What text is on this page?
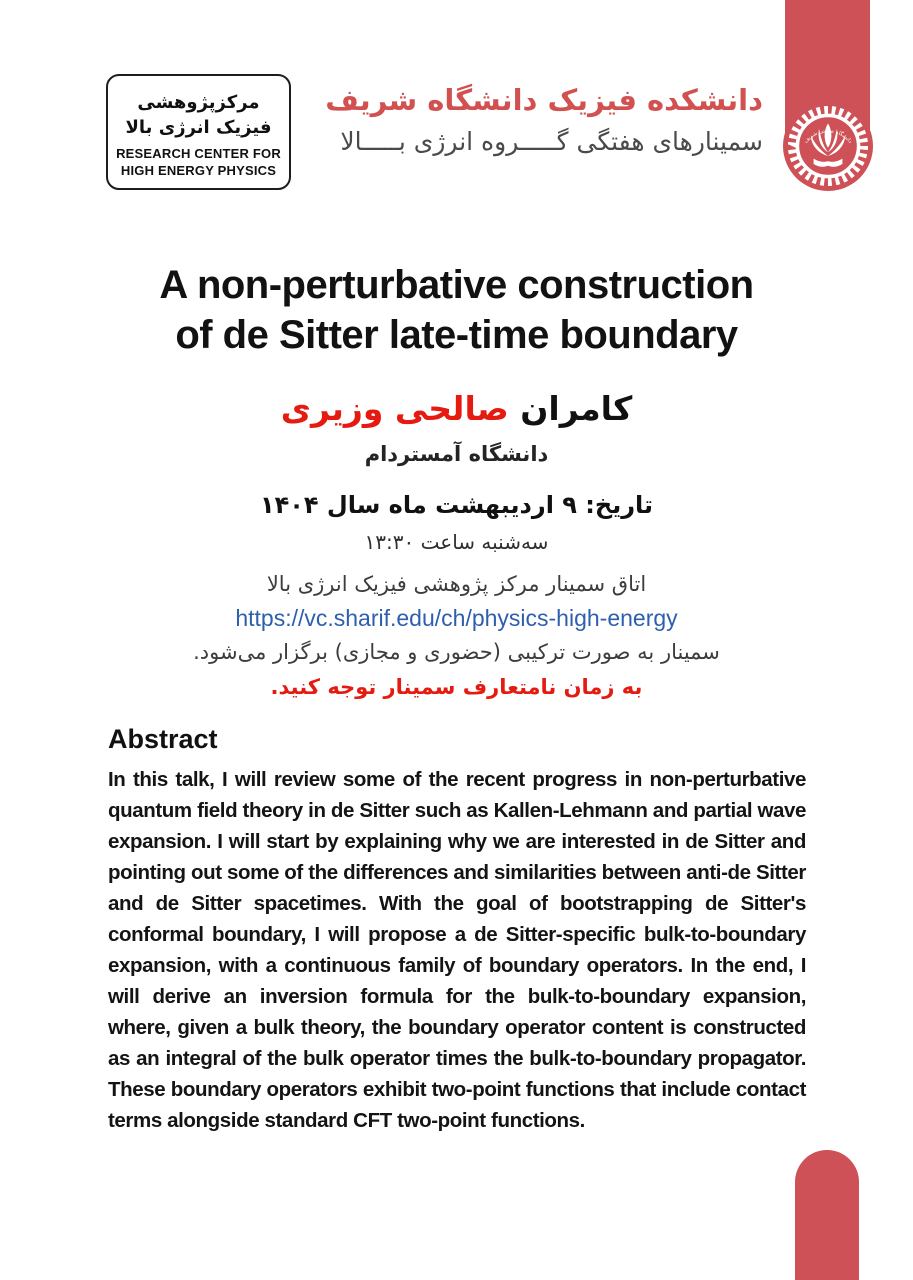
دانشگاه صنعتی شریف
مرکزپژوهشی
فیزیک انرژی بالا
RESEARCH CENTER FOR
HIGH ENERGY PHYSICS
دانشکده فیزیک دانشگاه شریف
سمینارهای هفتگی گـــــروه انرژی بـــــالا
A non-perturbative construction
of de Sitter late-time boundary
کامران صالحی وزیری
دانشگاه آمستردام
تاریخ: ۹ اردیبهشت ماه سال ۱۴۰۴
سه‌شنبه ساعت ۱۳:۳۰
اتاق سمینار مرکز پژوهشی فیزیک انرژی بالا
https://vc.sharif.edu/ch/physics-high-energy
سمینار به صورت ترکیبی (حضوری و مجازی) برگزار می‌شود.
به زمان نامتعارف سمینار توجه کنید.
Abstract
In this talk, I will review some of the recent progress in non-perturbative quantum field theory in de Sitter such as Kallen-Lehmann and partial wave expansion. I will start by explaining why we are interested in de Sitter and pointing out some of the differences and similarities between anti-de Sitter and de Sitter spacetimes. With the goal of bootstrapping de Sitter's conformal boundary, I will propose a de Sitter-specific bulk-to-boundary expansion, with a continuous family of boundary operators. In the end, I will derive an inversion formula for the bulk-to-boundary expansion, where, given a bulk theory, the boundary operator content is constructed as an integral of the bulk operator times the bulk-to-boundary propagator. These boundary operators exhibit two-point functions that include contact terms alongside standard CFT two-point functions.
